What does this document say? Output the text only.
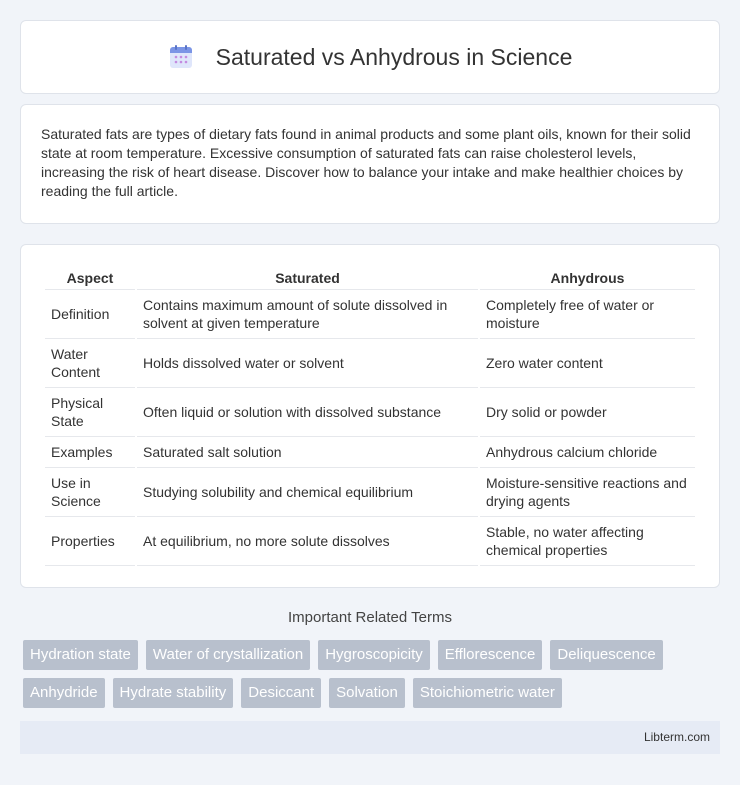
Saturated vs Anhydrous in Science

Saturated fats are types of dietary fats found in animal products and some plant oils, known for their solid state at room temperature. Excessive consumption of saturated fats can raise cholesterol levels, increasing the risk of heart disease. Discover how to balance your intake and make healthier choices by reading the full article.

Aspect	Saturated	Anhydrous
Definition	Contains maximum amount of solute dissolved in solvent at given temperature	Completely free of water or moisture
Water Content	Holds dissolved water or solvent	Zero water content
Physical State	Often liquid or solution with dissolved substance	Dry solid or powder
Examples	Saturated salt solution	Anhydrous calcium chloride
Use in Science	Studying solubility and chemical equilibrium	Moisture-sensitive reactions and drying agents
Properties	At equilibrium, no more solute dissolves	Stable, no water affecting chemical properties
Important Related Terms
Hydration state	Water of crystallization	Hygroscopicity	Efflorescence	Deliquescence
Anhydride	Hydrate stability	Desiccant	Solvation	Stoichiometric water
Libterm.com
